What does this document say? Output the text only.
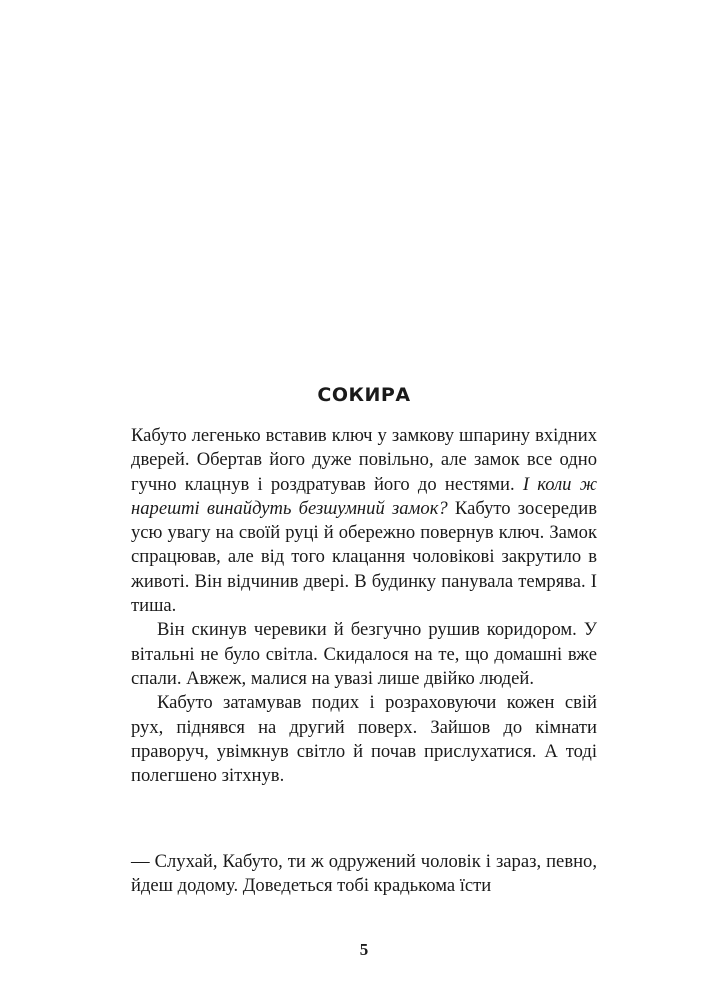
СОКИРА

Кабуто легенько вставив ключ у замкову шпарину вхідних дверей. Обертав його дуже повільно, але замок все одно гучно клацнув і роздратував його до нестями. І коли ж нарешті винайдуть безшумний замок? Кабуто зосередив усю увагу на своїй руці й обережно повернув ключ. Замок спрацював, але від того клацання чоловікові закрутило в животі. Він відчинив двері. В будинку панувала темрява. І тиша.

Він скинув черевики й безгучно рушив коридором. У вітальні не було світла. Скидалося на те, що домашні вже спали. Авжеж, малися на увазі лише двійко людей.

Кабуто затамував подих і розраховуючи кожен свій рух, піднявся на другий поверх. Зайшов до кімнати праворуч, увімкнув світло й почав прислухатися. А тоді полегшено зітхнув.

— Слухай, Кабуто, ти ж одружений чоловік і зараз, певно, йдеш додому. Доведеться тобі крадькома їсти

5
